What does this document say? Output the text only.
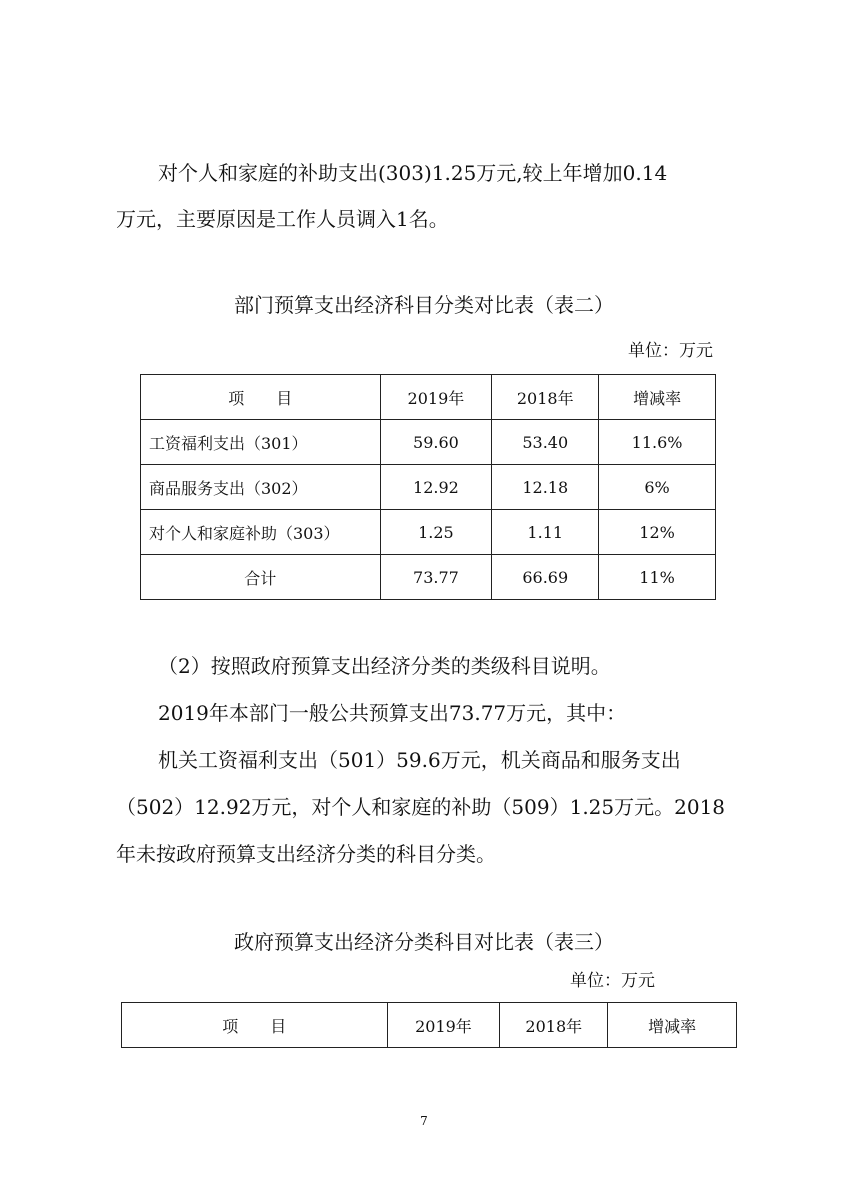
对个人和家庭的补助支出(303)1.25万元,较上年增加0.14
万元，主要原因是工作人员调入1名。
部门预算支出经济科目分类对比表（表二）
单位：万元
项　　目	2019年	2018年	增减率
工资福利支出（301）	59.60	53.40	11.6%
商品服务支出（302）	12.92	12.18	6%
对个人和家庭补助（303）	1.25	1.11	12%
合计	73.77	66.69	11%
（2）按照政府预算支出经济分类的类级科目说明。
2019年本部门一般公共预算支出73.77万元，其中：
机关工资福利支出（501）59.6万元，机关商品和服务支出
（502）12.92万元，对个人和家庭的补助（509）1.25万元。2018
年未按政府预算支出经济分类的科目分类。
政府预算支出经济分类科目对比表（表三）
单位：万元
项　　目	2019年	2018年	增减率
7
